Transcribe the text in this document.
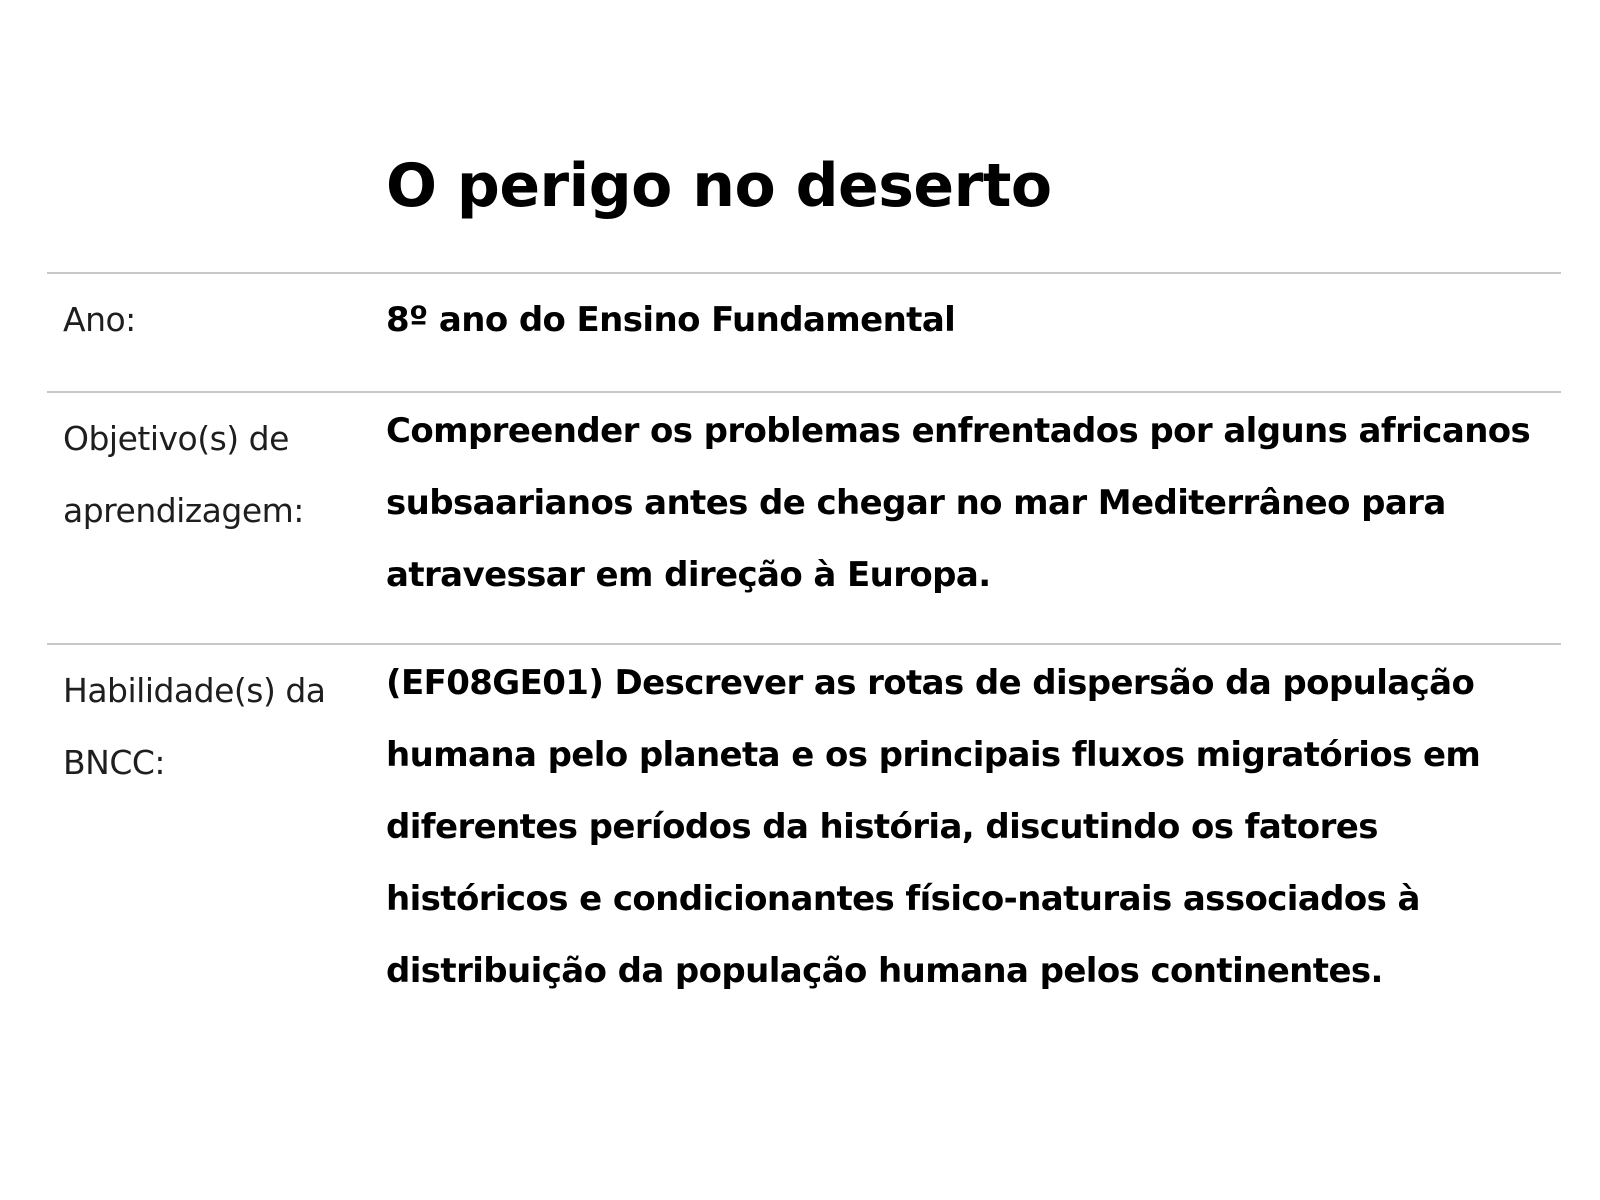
O perigo no deserto
Ano:	8º ano do Ensino Fundamental
Objetivo(s) de aprendizagem:
Compreender os problemas enfrentados por alguns africanos subsaarianos antes de chegar no mar Mediterrâneo para atravessar em direção à Europa.
Habilidade(s) da BNCC:
(EF08GE01) Descrever as rotas de dispersão da população humana pelo planeta e os principais fluxos migratórios em diferentes períodos da história, discutindo os fatores históricos e condicionantes físico-naturais associados à distribuição da população humana pelos continentes.
